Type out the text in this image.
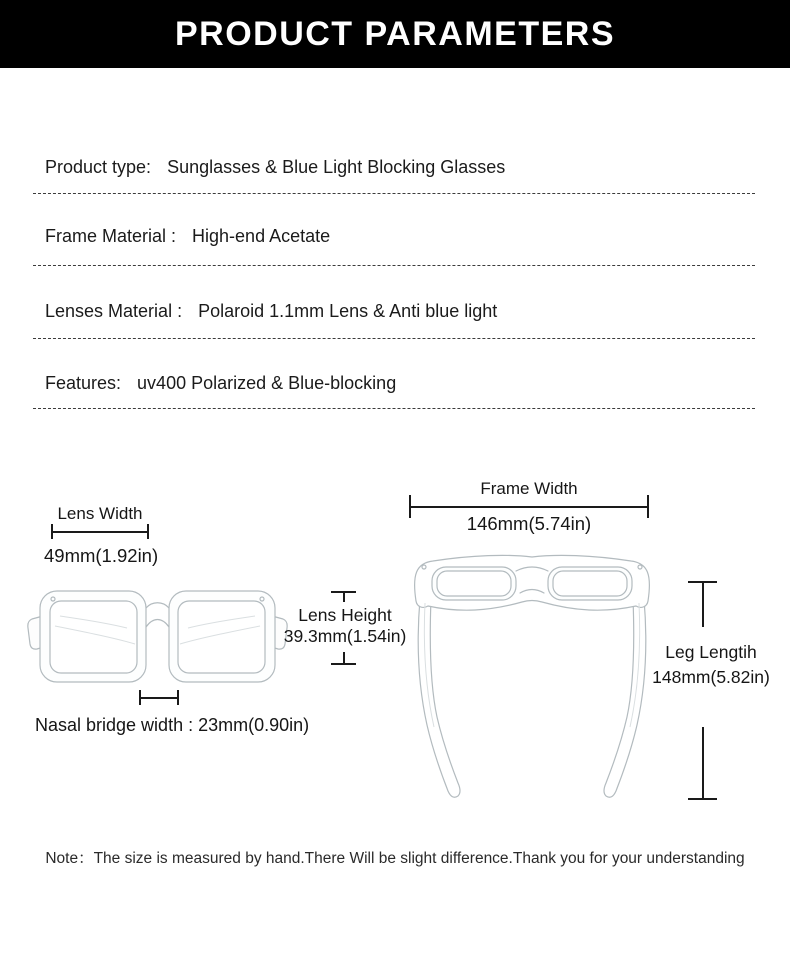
PRODUCT PARAMETERS
Product type: Sunglasses & Blue Light Blocking Glasses
Frame Material : High-end Acetate
Lenses Material : Polaroid 1.1mm Lens & Anti blue light
Features: uv400 Polarized & Blue-blocking
Lens Width
49mm(1.92in)
Lens Height
39.3mm(1.54in)
Nasal bridge width : 23mm(0.90in)
Frame Width
146mm(5.74in)
Leg Lengtih
148mm(5.82in)
Note：The size is measured by hand.There Will be slight difference.Thank you for your understanding
